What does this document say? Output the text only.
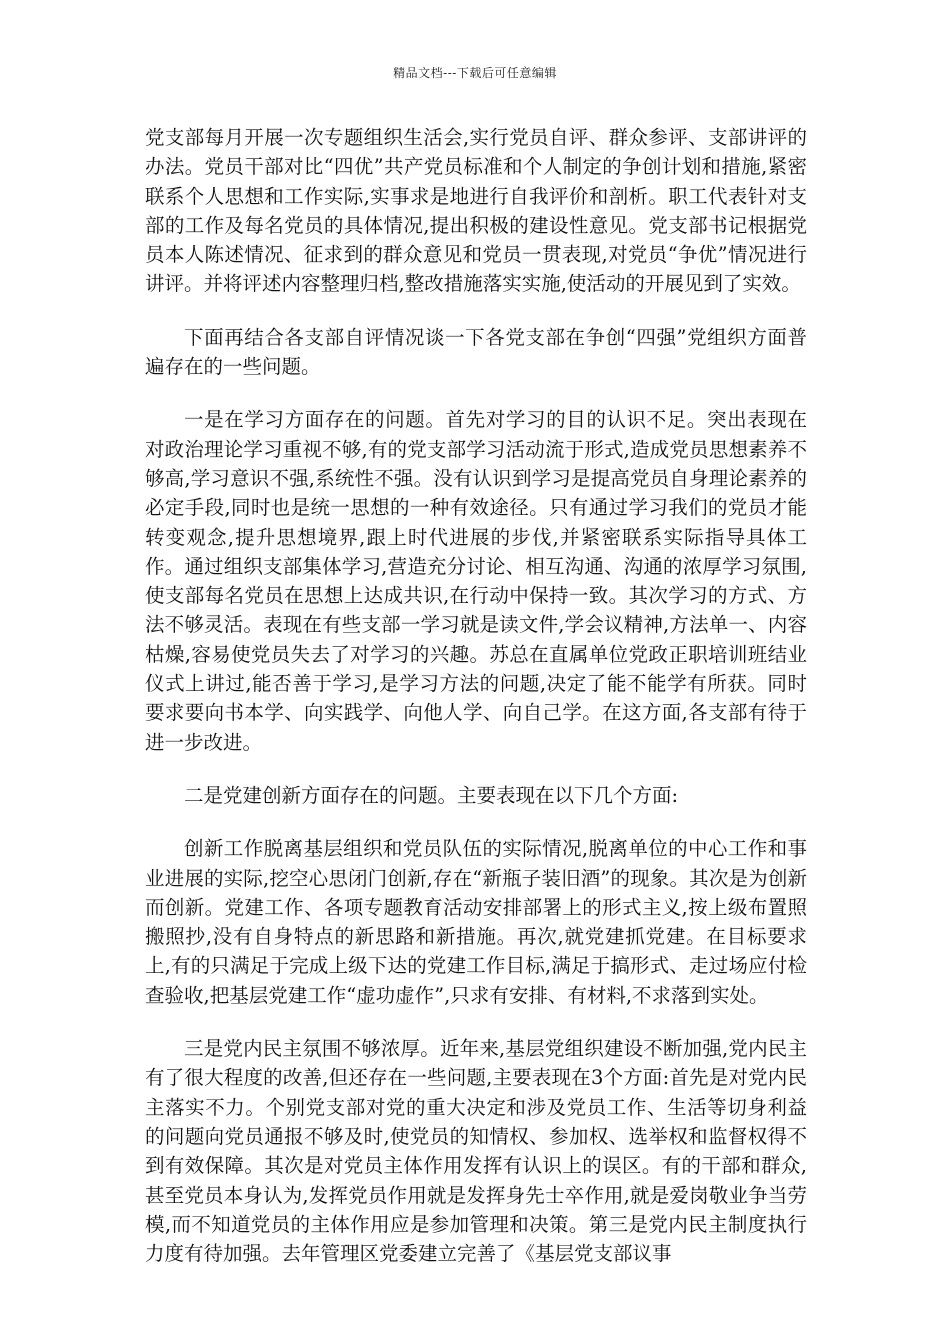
精品文档---下载后可任意编辑

党支部每月开展一次专题组织生活会,实行党员自评、群众参评、支部讲评的办法。党员干部对比“四优”共产党员标准和个人制定的争创计划和措施,紧密联系个人思想和工作实际,实事求是地进行自我评价和剖析。职工代表针对支部的工作及每名党员的具体情况,提出积极的建设性意见。党支部书记根据党员本人陈述情况、征求到的群众意见和党员一贯表现,对党员“争优”情况进行讲评。并将评述内容整理归档,整改措施落实实施,使活动的开展见到了实效。

下面再结合各支部自评情况谈一下各党支部在争创“四强”党组织方面普遍存在的一些问题。

一是在学习方面存在的问题。首先对学习的目的认识不足。突出表现在对政治理论学习重视不够,有的党支部学习活动流于形式,造成党员思想素养不够高,学习意识不强,系统性不强。没有认识到学习是提高党员自身理论素养的必定手段,同时也是统一思想的一种有效途径。只有通过学习我们的党员才能转变观念,提升思想境界,跟上时代进展的步伐,并紧密联系实际指导具体工作。通过组织支部集体学习,营造充分讨论、相互沟通、沟通的浓厚学习氛围,使支部每名党员在思想上达成共识,在行动中保持一致。其次学习的方式、方法不够灵活。表现在有些支部一学习就是读文件,学会议精神,方法单一、内容枯燥,容易使党员失去了对学习的兴趣。苏总在直属单位党政正职培训班结业仪式上讲过,能否善于学习,是学习方法的问题,决定了能不能学有所获。同时要求要向书本学、向实践学、向他人学、向自己学。在这方面,各支部有待于进一步改进。

二是党建创新方面存在的问题。主要表现在以下几个方面:

创新工作脱离基层组织和党员队伍的实际情况,脱离单位的中心工作和事业进展的实际,挖空心思闭门创新,存在“新瓶子装旧酒”的现象。其次是为创新而创新。党建工作、各项专题教育活动安排部署上的形式主义,按上级布置照搬照抄,没有自身特点的新思路和新措施。再次,就党建抓党建。在目标要求上,有的只满足于完成上级下达的党建工作目标,满足于搞形式、走过场应付检查验收,把基层党建工作“虚功虚作”,只求有安排、有材料,不求落到实处。

三是党内民主氛围不够浓厚。近年来,基层党组织建设不断加强,党内民主有了很大程度的改善,但还存在一些问题,主要表现在3个方面:首先是对党内民主落实不力。个别党支部对党的重大决定和涉及党员工作、生活等切身利益的问题向党员通报不够及时,使党员的知情权、参加权、选举权和监督权得不到有效保障。其次是对党员主体作用发挥有认识上的误区。有的干部和群众,甚至党员本身认为,发挥党员作用就是发挥身先士卒作用,就是爱岗敬业争当劳模,而不知道党员的主体作用应是参加管理和决策。第三是党内民主制度执行力度有待加强。去年管理区党委建立完善了《基层党支部议事
